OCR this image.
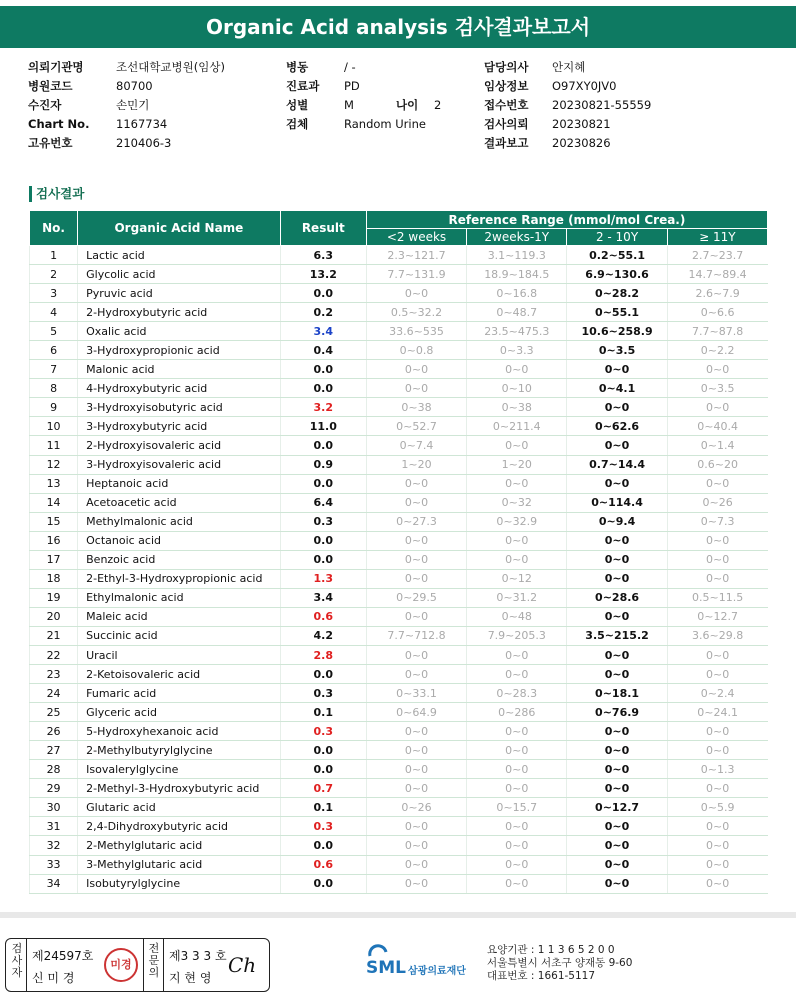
Organic Acid analysis 검사결과보고서
의뢰기관명	조선대학교병원(임상)
병원코드	80700
수진자	손민기
Chart No. 1167734
고유번호	210406-3
병동	/ -
진료과 PD
성별	M	나이 2
검체	Random Urine
담당의사 안지혜
임상정보 O97XY0JV0
접수번호 20230821-55559
검사의뢰 20230821
결과보고 20230826
검사결과
No.	Organic Acid Name	Result	Reference Range (mmol/mol Crea.)			
			<2 weeks	2weeks-1Y	2 - 10Y	≥ 11Y
1	Lactic acid	6.3	2.3~121.7	3.1~119.3	0.2~55.1	2.7~23.7
2	Glycolic acid	13.2	7.7~131.9	18.9~184.5	6.9~130.6	14.7~89.4
3	Pyruvic acid	0.0	0~0	0~16.8	0~28.2	2.6~7.9
4	2-Hydroxybutyric acid	0.2	0.5~32.2	0~48.7	0~55.1	0~6.6
5	Oxalic acid	3.4	33.6~535	23.5~475.3	10.6~258.9	7.7~87.8
6	3-Hydroxypropionic acid	0.4	0~0.8	0~3.3	0~3.5	0~2.2
7	Malonic acid	0.0	0~0	0~0	0~0	0~0
8	4-Hydroxybutyric acid	0.0	0~0	0~10	0~4.1	0~3.5
9	3-Hydroxyisobutyric acid	3.2	0~38	0~38	0~0	0~0
10	3-Hydroxybutyric acid	11.0	0~52.7	0~211.4	0~62.6	0~40.4
11	2-Hydroxyisovaleric acid	0.0	0~7.4	0~0	0~0	0~1.4
12	3-Hydroxyisovaleric acid	0.9	1~20	1~20	0.7~14.4	0.6~20
13	Heptanoic acid	0.0	0~0	0~0	0~0	0~0
14	Acetoacetic acid	6.4	0~0	0~32	0~114.4	0~26
15	Methylmalonic acid	0.3	0~27.3	0~32.9	0~9.4	0~7.3
16	Octanoic acid	0.0	0~0	0~0	0~0	0~0
17	Benzoic acid	0.0	0~0	0~0	0~0	0~0
18	2-Ethyl-3-Hydroxypropionic acid	1.3	0~0	0~12	0~0	0~0
19	Ethylmalonic acid	3.4	0~29.5	0~31.2	0~28.6	0.5~11.5
20	Maleic acid	0.6	0~0	0~48	0~0	0~12.7
21	Succinic acid	4.2	7.7~712.8	7.9~205.3	3.5~215.2	3.6~29.8
22	Uracil	2.8	0~0	0~0	0~0	0~0
23	2-Ketoisovaleric acid	0.0	0~0	0~0	0~0	0~0
24	Fumaric acid	0.3	0~33.1	0~28.3	0~18.1	0~2.4
25	Glyceric acid	0.1	0~64.9	0~286	0~76.9	0~24.1
26	5-Hydroxyhexanoic acid	0.3	0~0	0~0	0~0	0~0
27	2-Methylbutyrylglycine	0.0	0~0	0~0	0~0	0~0
28	Isovalerylglycine	0.0	0~0	0~0	0~0	0~1.3
29	2-Methyl-3-Hydroxybutyric acid	0.7	0~0	0~0	0~0	0~0
30	Glutaric acid	0.1	0~26	0~15.7	0~12.7	0~5.9
31	2,4-Dihydroxybutyric acid	0.3	0~0	0~0	0~0	0~0
32	2-Methylglutaric acid	0.0	0~0	0~0	0~0	0~0
33	3-Methylglutaric acid	0.6	0~0	0~0	0~0	0~0
34	Isobutyrylglycine	0.0	0~0	0~0	0~0	0~0
검사자
제24597호
신 미 경
미경
전문의
제3 3 3 호
지 현 영
Ch	SML 삼광의료재단
요양기관 : 1 1 3 6 5 2 0 0
서울특별시 서초구 양재동 9-60
대표번호 : 1661-5117
